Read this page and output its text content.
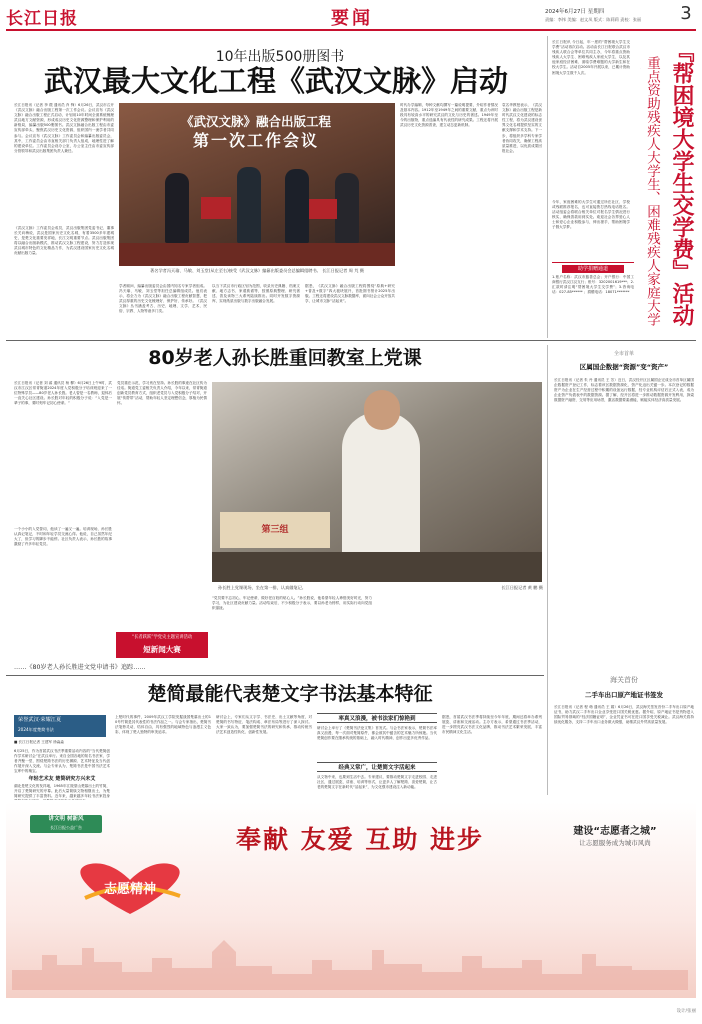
长江日报	要闻	2024年6月27日 星期四
责编：李纬 美编：赵文凤 版式：陈莉莉 责校：张丽	3
10年出版500册图书
武汉最大文化工程《武汉文脉》启动
长江日报讯（记者 李 璟 通讯员 肖 锋）6月26日，武汉市召开《武汉文脉》融合出版工程第一次工作会议。会议宣布《武汉文脉》融合出版工程正式启动，计划用10年时间全面系统梳理武汉地方文献资源，形成成汉历史文化资源整理和保护利用的新格局，编纂出版500册图书。武汉文脉融合出版工程由市委宣传部牵头，聚焦武汉历史文化资源，组织国内一流学者共同参与。会议宣布《武汉文脉》工作委员会和编纂出版委员会，其中，工作委员会由市直相关部门负责人组成，地理性进了解的建设单位。工作委员会设办公室，办公室主任由市委宣传部分管领导和武汉出版集团负责人兼任。
《武汉文脉》工作委员会成员，武汉出版集团党委书记、董事长关向梅说，武汉是国家历史文化名城，有着3500多年建城史，是楚文化重要发祥地，长江文明重要节点。武汉出版集团将以融合出版新模式，推动武汉文脉工程建设，努力打造体现武汉城市特色的文化精品力作，为武汉建设国家历史文化名城贡献出版力量。
《武汉文脉》融合出版工程
第一次工作会议
著名学者冯天瑜、马敏、刘玉堂(从左至右)接受《武汉文脉》编纂出版委员会总编辑组聘书。 长江日报记者 周 芃 摄
学者顾问，编纂出版委员会由国内知名专家学者组成。冯天瑜、马敏、刘玉堂等担任总编辑组成员。他们表示，将全力为《武汉文脉》融合出版工程贡献智慧，把武汉厚重的历史文化梳理好、保护好、传承好。《武汉文脉》丛书涵盖考古、历史、地理、文学、艺术、民俗、宗教、人物等诸多门类。
以当下武汉市行政区划为范围，收录历史典籍、档案文献、地方志书、家谱族谱等，按照原典整理、研究著述、普及读物三大系列陆续推出。同时开发数字资源库，实现纸质出版与数字出版融合发展。
据悉，《武汉文脉》融合出版工程将围绕“原典+研究+普及+数字”四大板块展开，首批图书预计2025年出版。工程还将建设武汉文脉数据库，面向社会公众开放共享，让城市文脉“活起来”。
时代办学编辑，每种文献均撰写一篇说明提要，介绍作者情况及基本内容。1912年至1949年之间的重要文献，重点为该时段具有较高水平的研究武汉的文化与历史的著述。1949年至今的出版物，重点选编具有代表性的研究成果。工程还将开展武汉历史文化资源普查，建立动态更新机制。
袁名华教授表示，《武汉文脉》融合出版工程是新时代武汉文化建设的标志性工程，将为武汉建设世界文化名城提供坚实的文献支撑和学术支持。下一步，将组织多学科专家学者协同攻关，确保工程高质量推进，以优质成果回报社会。
长江日报讯 今日起，年一度的“帮困境大学生交学费”活动再次启动。活动由长江日报联合武汉市残疾人联合会等单位共同主办，今年将重点资助残疾人大学生、困难残疾人家庭大学生，以及其他家庭经济困难、面临学费难题的大学新生和在校大学生。活动自2005年开展以来，已累计资助困境大学生数千人次。
今年，家庭困难的大学生可通过所在社区、学校或残联推荐报名，也可直接拨打热线电话报名。活动组委会将联合相关单位对报名学生情况进行核实，确保善款用到实处。欢迎社会各界爱心人士和爱心企业积极参与，伸出援手，帮助困境学子圆大学梦。
『帮困境大学生交学费』活动
重点资助残疾人大学生、困难残疾人家庭大学
助学捐赠通道
1.账户名称：武汉市慈善总会；开户银行：中国工商银行武汉江汉支行；账号：3202001619***；2.汇款时请注明“帮困境大学生交学费”；3.咨询电话：027-85****** ；捐赠电话：18071*******
80岁老人孙长胜重回教室上党课
长江日报讯（记者 刘 睿 通讯员 杨 柳）6月26日上午9时，武汉市江汉区常青街道2024年度入党积极分子培训班迎来了一位特殊学员——80岁老人孙长胜。老人曾是一名教师，退休后一直关心社区建设。孙长胜对年轻的积极分子说：“入党是一辈子的事，要时刻牢记初心使命。”
一个小小的入党誓词，他读了一遍又一遍。培训现场，孙长胜认真记笔记，不时和年轻学员交流心得。他说，自己虽然年纪大了，但学习的脚步不能停。社区负责人表示，孙长胜的故事激励了许多年轻党员。
党员重在示范，学习贵在坚持。孙长胜的事迹在社区传为佳话。街道党工委相关负责人介绍，今年以来，常青街道创新党员教育方式，组织老党员与入党积极分子结对，开展“传帮带”活动，帮助年轻人坚定理想信念，厚植为民情怀。
第三组
“长者跃跃”学党史主题宣讲活动
短新闻大赛
孙长胜上党课现场，坐在第一排，认真做笔记。	长江日报记者 黄 鹏 摄
“党员要不忘初心，牢记使命，做好老百姓的贴心人。”孙长胜说，他希望年轻人珍惜美好时光，努力学习，为社区建设贡献力量。活动结束后，不少积极分子表示，要以孙老为榜样，用实际行动向党组织靠拢。
……《80岁老人孙长胜进文党申请书》追踪……
全市首单
区属国企数据“资源”变“资产”
长江日报讯（记者 朱 丹 通讯员 王 芳）近日，武汉经开区区属国企完成全市首单区属国企数据资产登记工作，标志着该区数据资源化、资产化迈出关键一步。本次登记的数据资产为企业在生产经营过程中积累的设备运行数据，经专业机构评估后正式入表，成为企业资产负债表中的数据资源。据了解，经开区将进一步推动数据资源开发利用，探索数据资产融资、交易等应用场景，激活数据要素潜能，赋能实体经济高质量发展。
海关首份
二手车出口原产地证书签发
长江日报讯（记者 程 萌 通讯员 王 娟）6月26日，武汉海关签发首份二手车出口原产地证书，助力武汉二手车出口企业享受进口国关税优惠。据介绍，原产地证书是货物进入国际贸易领域的“经济国籍证明”，企业凭证书可在进口国享受关税减让。武汉海关将持续优化服务，支持二手车出口业务做大做强，助推武汉外贸高质量发展。
楚简最能代表楚文字书法基本特征
荣誉武汉·荣耀江夏
2024年度楚简书法
■ 长江日报记者 王建军 徐淼淼
6月25日，作为首届武汉书法季重要活动内容的“当代楚简创作学术研讨会”在武汉举行。来自全国各地的知名书法家、学者齐聚一堂，围绕楚简书法的历史渊源、艺术特征及当代创作展开深入交流。与会专家认为，楚简书法是中国书法艺术宝库中的瑰宝。
年轻艺术友 楚简研究方兴未艾
湖北是楚文化的发祥地，1965年江陵望山楚墓出土的竹简，开启了楚简研究的序幕。此后大量简牍文物相继出土，为楚简研究提供了丰富资料。近年来，越来越多年轻书法家投身
上楚时代的事件，2009年武汉工学院发掘战国楚墓出土的10号竹简是其代表性的书法作品之一。与会专家指出，楚简书法笔势灵动，结体自由，具有强烈的地域特色与浪漫主义色彩，体现了楚人独特的审美追求。
研讨会上，专家们从文字学、书法史、出土文献等角度，对楚简的书写特征、笔法构成、章法布局等进行了深入探讨。大家一致认为，要加强楚简书法的研究和传承，推动传统书法艺术创造性转化、创新性发展。
率真又浪漫，被书法家们惊艳到
研讨会上举行了《楚简书法论文集》首发式。与会书法家表示，楚简书法率真又浪漫，每一次面对楚简原件，都会被其中蕴含的艺术魅力所惊艳。当代楚简创作要在继承传统的基础上，融入时代精神，创作出更多优秀作品。
经典又常广，让楚简文字活起来
从文物中来，也要到生活中去。专家建议，要推动楚简文字走进校园、走进社区，通过展览、讲座、培训等形式，让更多人了解楚简、喜爱楚简，让古老的楚简文字在新时代“活起来”，为文化强市建设注入新动能。
据悉，首届武汉书法季将持续至今年年底，期间还将举办系列展览、讲座和交流活动。主办方表示，希望通过书法季活动，进一步擦亮武汉书法文化品牌，推动书法艺术繁荣发展，丰富市民精神文化生活。
讲文明 树新风
长江日报公益广告	奉献 友爱 互助 进步	建设“志愿者之城”
让志愿服务成为城市风尚
志愿精神
设计/张丽
